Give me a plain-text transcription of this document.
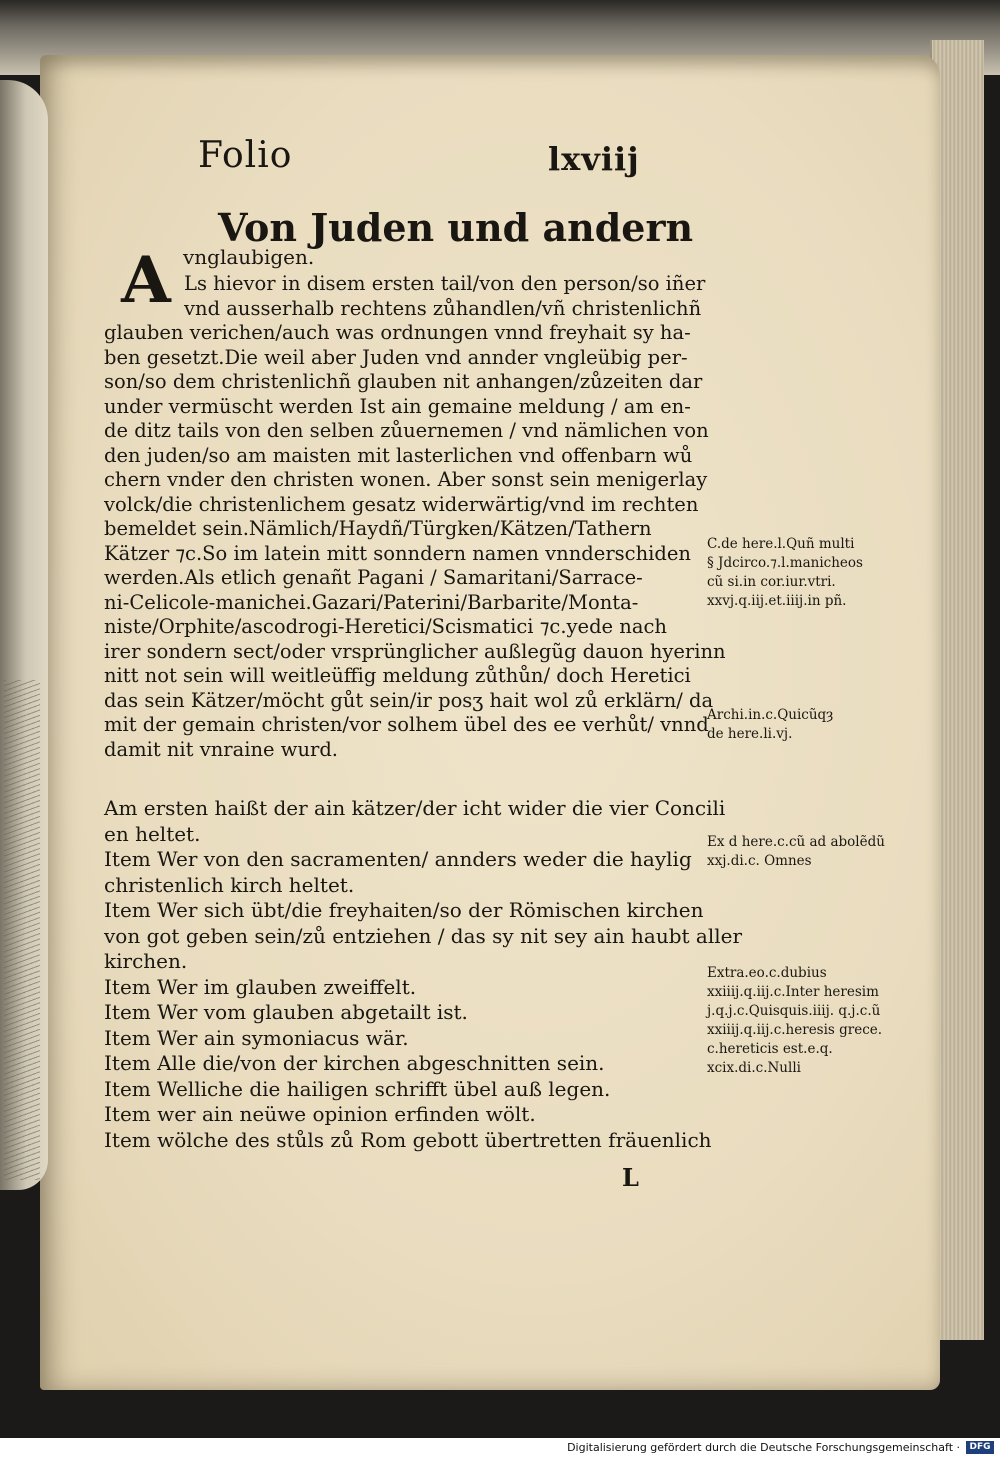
Folio	lxviij
Von Juden und andern
vnglaubigen.
A Ls hievor in disem ersten tail/von den person/so iñer
vnd ausserhalb rechtens zůhandlen/vñ christenlichñ
glauben verichen/auch was ordnungen vnnd freyhait sy ha-
ben gesetzt.Die weil aber Juden vnd annder vngleübig per-
son/so dem christenlichñ glauben nit anhangen/zůzeiten dar
under vermüscht werden Ist ain gemaine meldung / am en-
de ditz tails von den selben zůuernemen / vnd nämlichen von
den juden/so am maisten mit lasterlichen vnd offenbarn wů
chern vnder den christen wonen. Aber sonst sein menigerlay
volck/die christenlichem gesatz widerwärtig/vnd im rechten
bemeldet sein.Nämlich/Haydñ/Türgken/Kätzen/Tathern
Kätzer ⁊c.So im latein mitt sonndern namen vnnderschiden
werden.Als etlich genañt Pagani / Samaritani/Sarrace-
ni-Celicole-manichei.Gazari/Paterini/Barbarite/Monta-
niste/Orphite/ascodrogi-Heretici/Scismatici ⁊c.yede nach
irer sondern sect/oder vrsprünglicher außlegũg dauon hyerinn
nitt not sein will weitleüffig meldung zůthůn/ doch Heretici
das sein Kätzer/möcht gůt sein/ir posʒ hait wol zů erklärn/ da
mit der gemain christen/vor solhem übel des ee verhůt/ vnnd
damit nit vnraine wurd.
Am ersten haißt der ain kätzer/der icht wider die vier Concili
en heltet.
Item Wer von den sacramenten/ annders weder die haylig
christenlich kirch heltet.
Item Wer sich übt/die freyhaiten/so der Römischen kirchen
von got geben sein/zů entziehen / das sy nit sey ain haubt aller
kirchen.
Item Wer im glauben zweiffelt.
Item Wer vom glauben abgetailt ist.
Item Wer ain symoniacus wär.
Item Alle die/von der kirchen abgeschnitten sein.
Item Welliche die hailigen schrifft übel auß legen.
Item wer ain neüwe opinion erfinden wölt.
Item wölche des stůls zů Rom gebott übertretten fräuenlich
L
C.de here.l.Quñ multi
§ Jdcirco.⁊.l.manicheos
cũ si.in cor.iur.vtri.
xxvj.q.iij.et.iiij.in pñ.
Archi.in.c.Quicũqȝ
de here.li.vj.
Ex d here.c.cũ ad abolẽdũ
xxj.di.c. Omnes
Extra.eo.c.dubius
xxiiij.q.iij.c.Inter heresim
j.q.j.c.Quisquis.iiij. q.j.c.ũ
xxiiij.q.iij.c.heresis grece.
c.hereticis est.e.q.
xcix.di.c.Nulli
Digitalisierung gefördert durch die Deutsche Forschungsgemeinschaft ·	DFG
